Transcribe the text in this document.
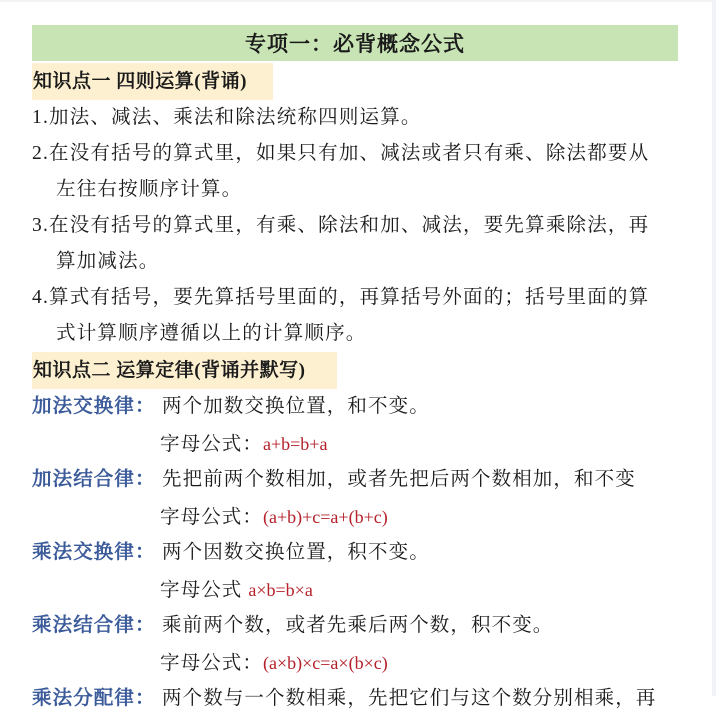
专项一：必背概念公式
知识点一 四则运算(背诵)
1.加法、减法、乘法和除法统称四则运算。
2.在没有括号的算式里，如果只有加、减法或者只有乘、除法都要从
左往右按顺序计算。
3.在没有括号的算式里，有乘、除法和加、减法，要先算乘除法，再
算加减法。
4.算式有括号，要先算括号里面的，再算括号外面的；括号里面的算
式计算顺序遵循以上的计算顺序。
知识点二 运算定律(背诵并默写)
加法交换律： 两个加数交换位置，和不变。
字母公式：a+b=b+a
加法结合律： 先把前两个数相加，或者先把后两个数相加，和不变
字母公式：(a+b)+c=a+(b+c)
乘法交换律： 两个因数交换位置，积不变。
字母公式 a×b=b×a
乘法结合律： 乘前两个数，或者先乘后两个数，积不变。
字母公式：(a×b)×c=a×(b×c)
乘法分配律： 两个数与一个数相乘，先把它们与这个数分别相乘，再
